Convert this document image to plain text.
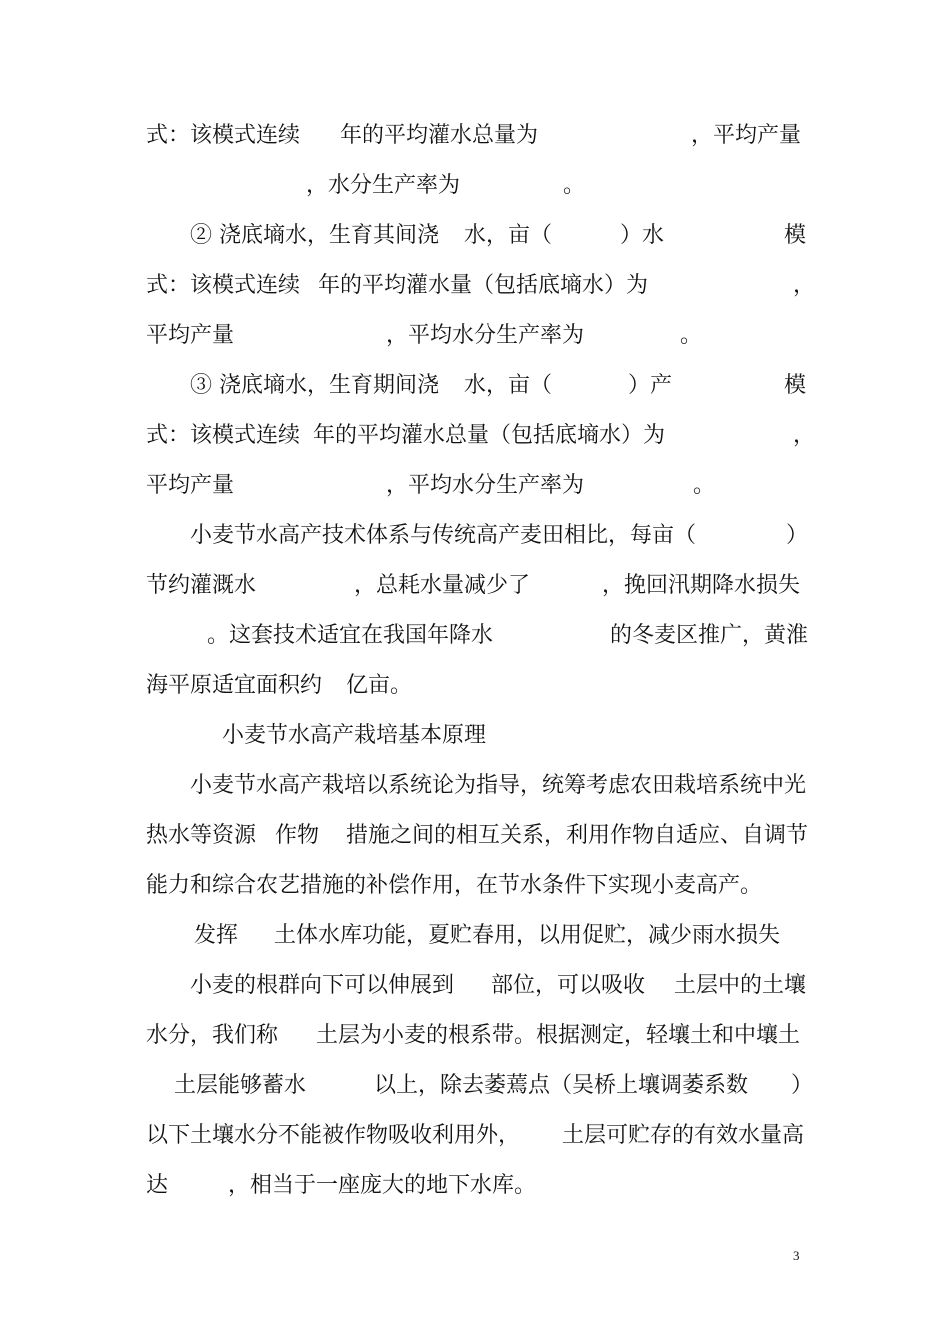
式：该模式连续 年的平均灌水总量为	，平均产量
，水分生产率为	。
② 浇底墒水，生育其间浇 水，亩（	）水	模
式：该模式连续 年的平均灌水量（包括底墒水）为	，
平均产量	，平均水分生产率为	。
③ 浇底墒水，生育期间浇 水，亩（	）产	模
式：该模式连续 年的平均灌水总量（包括底墒水）为	，
平均产量	，平均水分生产率为	。
小麦节水高产技术体系与传统高产麦田相比，每亩（	）
节约灌溉水	，总耗水量减少了	，挽回汛期降水损失
。这套技术适宜在我国年降水	的冬麦区推广，黄淮
海平原适宜面积约 亿亩。
小麦节水高产栽培基本原理
小麦节水高产栽培以系统论为指导，统筹考虑农田栽培系统中光
热水等资源 作物 措施之间的相互关系，利用作物自适应、自调节
能力和综合农艺措施的补偿作用，在节水条件下实现小麦高产。
发挥 土体水库功能，夏贮春用，以用促贮，减少雨水损失
小麦的根群向下可以伸展到 部位，可以吸收 土层中的土壤
水分，我们称 土层为小麦的根系带。根据测定，轻壤土和中壤土
土层能够蓄水	以上，除去萎蔫点（吴桥上壤调萎系数 ）
以下土壤水分不能被作物吸收利用外， 土层可贮存的有效水量高
达	，相当于一座庞大的地下水库。
3
